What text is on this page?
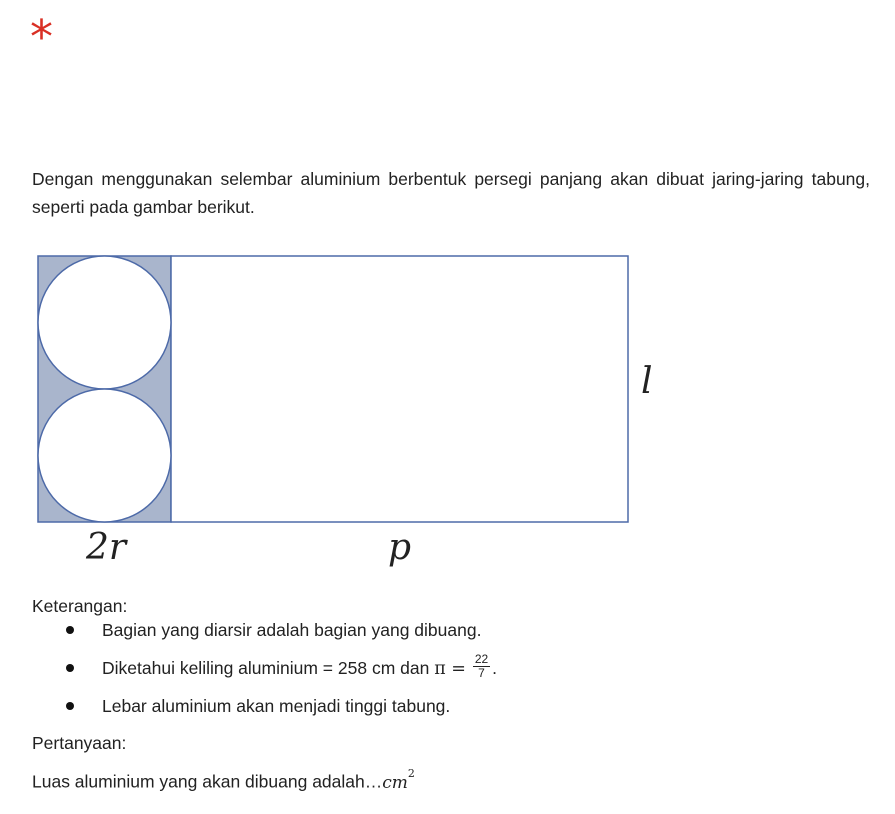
*
Dengan menggunakan selembar aluminium berbentuk persegi panjang akan dibuat jaring-jaring tabung, seperti pada gambar berikut.
l
2r	p
Keterangan:
Bagian yang diarsir adalah bagian yang dibuang.
Diketahui keliling aluminium = 258 cm dan $\pi = \frac{22}{7}$ .
Lebar aluminium akan menjadi tinggi tabung.
Pertanyaan:
Luas aluminium yang akan dibuang $adalah\dots cm^2$
